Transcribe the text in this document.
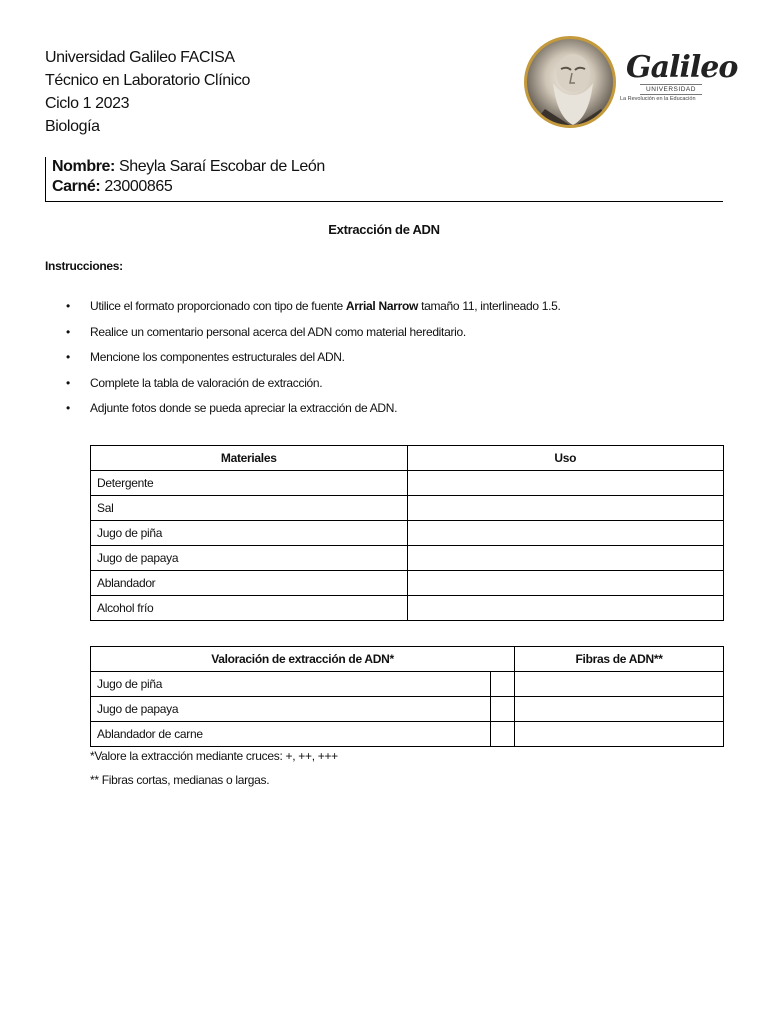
Universidad Galileo FACISA
Técnico en Laboratorio Clínico
Ciclo 1 2023
Biología
Galileo
UNIVERSIDAD
La Revolución en la Educación
Nombre: Sheyla Saraí Escobar de León
Carné: 23000865
Extracción de ADN
Instrucciones:
• Utilice el formato proporcionado con tipo de fuente Arrial Narrow tamaño 11, interlineado 1.5.
• Realice un comentario personal acerca del ADN como material hereditario.
• Mencione los componentes estructurales del ADN.
• Complete la tabla de valoración de extracción.
• Adjunte fotos donde se pueda apreciar la extracción de ADN.
Materiales	Uso
Detergente	
Sal	
Jugo de piña	
Jugo de papaya	
Ablandador	
Alcohol frío	
Valoración de extracción de ADN*		Fibras de ADN**
Jugo de piña		
Jugo de papaya		
Ablandador de carne		
*Valore la extracción mediante cruces: +, ++, +++
** Fibras cortas, medianas o largas.
